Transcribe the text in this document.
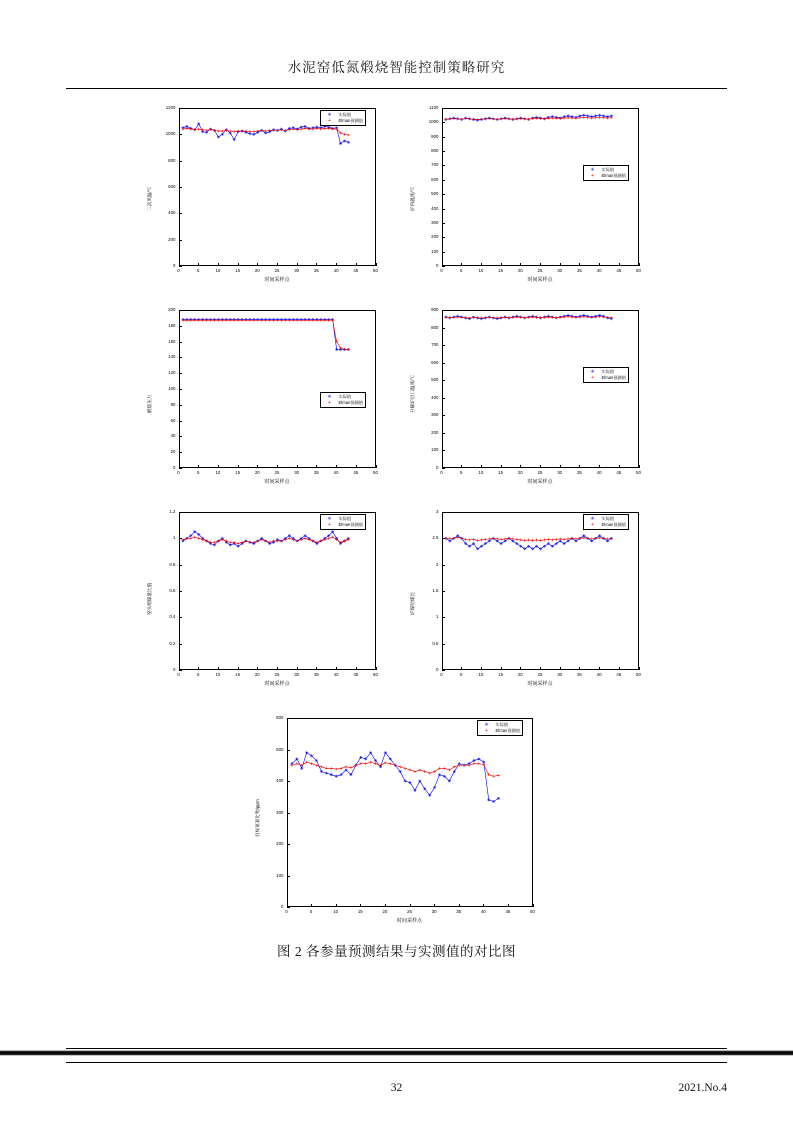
水泥窑低氮煅烧智能控制策略研究
0
200
400
600
800
1000
1200
0	5	10	15	20	25	30	35	40	45	50
时间采样点
二次风温/℃
✳	实际值
+	Elman预测值
0
100
200
300
400
500
600
700
800
900
1000
1100
0	5	10	15	20	25	30	35	40	45	50
时间采样点
炉内温度/℃
✳	实际值
+	Elman预测值
0
20
40
60
80
100
120
140
160
180
200
0	5	10	15	20	25	30	35	40	45	50
时间采样点
煅烧压力	✳	实际值
+	Elman预测值
0
100
200
300
400
500
600
700
800
900
0	5	10	15	20	25	30	35	40	45	50
时间采样点
分解炉出口温度/℃
✳	实际值
+	Elman预测值
0
0.2
0.4
0.6
0.8
1
1.2
0	5	10	15	20	25	30	35	40	45	50
时间采样点
窑头喂煤量比值
✳	实际值
+	Elman预测值
0
0.5
1
1.5
2
2.5
3
0	5	10	15	20	25	30	35	40	45	50
时间采样点
炉煤给煤比
✳	实际值
+	Elman预测值
0
100
200
300
400
500
600
0	5	10	15	20	25	30	35	40	45	50
时间采样点
目标氮氧化物/ppm
✳	实际值
+	Elman预测值
图 2 各参量预测结果与实测值的对比图
32	2021.No.4
